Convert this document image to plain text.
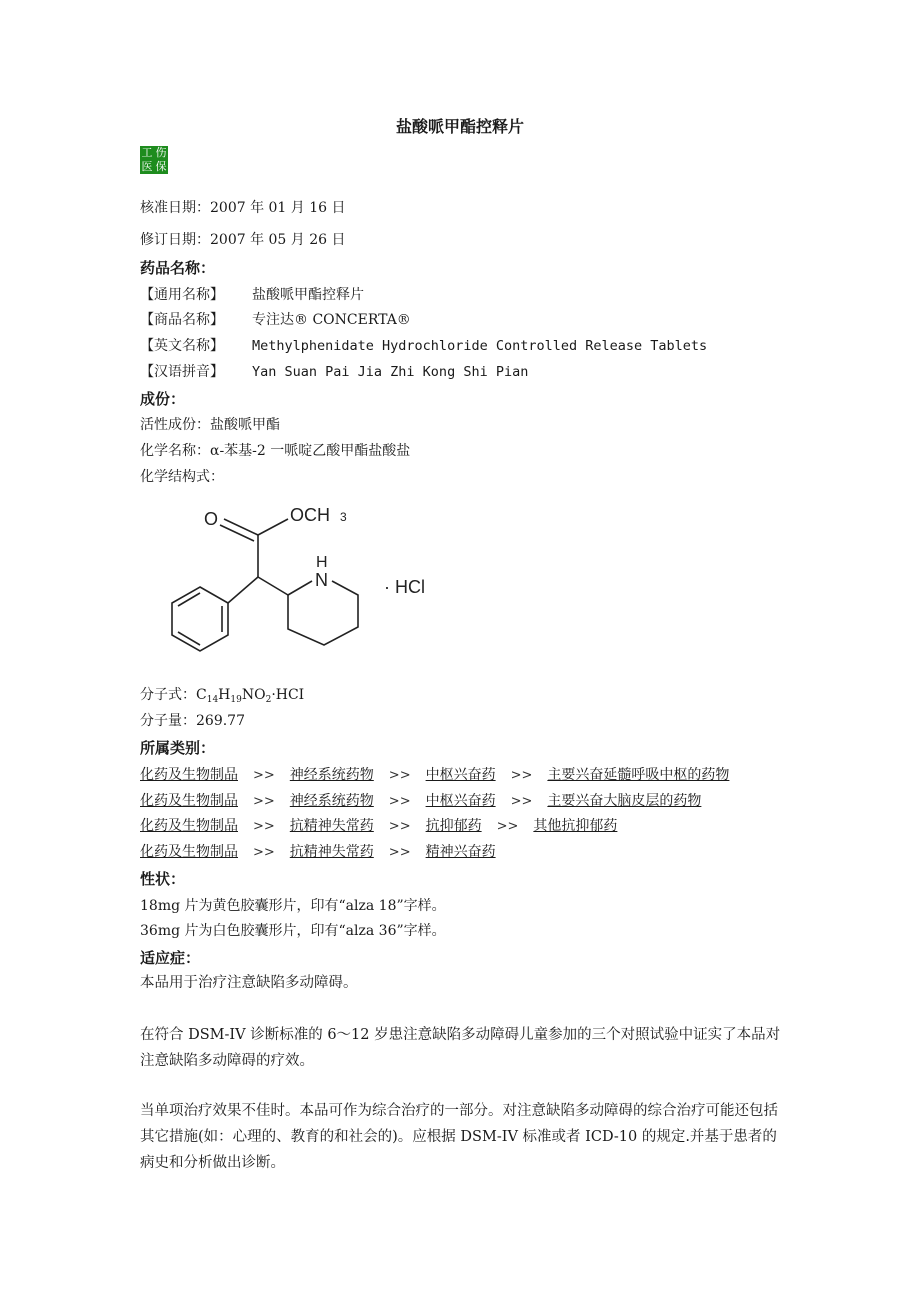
盐酸哌甲酯控释片
工 伤
医 保
核准日期：2007 年 01 月 16 日
修订日期：2007 年 05 月 26 日
药品名称：
【通用名称】 盐酸哌甲酯控释片
【商品名称】 专注达® CONCERTA®
【英文名称】 Methylphenidate Hydrochloride Controlled Release Tablets
【汉语拼音】 Yan Suan Pai Jia Zhi Kong Shi Pian
成份：
活性成份：盐酸哌甲酯
化学名称：α-苯基-2 一哌啶乙酸甲酯盐酸盐
化学结构式：
O	OCH 3
H
N	· HCl
分子式：$C_{14}H_{19}NO_2\cdot HCI$
分子量：269.77
所属类别：
化药及生物制品 >> 神经系统药物 >> 中枢兴奋药 >> 主要兴奋延髓呼吸中枢的药物
化药及生物制品 >> 神经系统药物 >> 中枢兴奋药 >> 主要兴奋大脑皮层的药物
化药及生物制品 >> 抗精神失常药 >> 抗抑郁药 >> 其他抗抑郁药
化药及生物制品 >> 抗精神失常药 >> 精神兴奋药
性状：
18mg 片为黄色胶囊形片，印有“alza 18”字样。
36mg 片为白色胶囊形片，印有“alza 36”字样。
适应症：
本品用于治疗注意缺陷多动障碍。
在符合 DSM-IV 诊断标准的 6～12 岁患注意缺陷多动障碍儿童参加的三个对照试验中证实了本品对注意缺陷多动障碍的疗效。
当单项治疗效果不佳时。本品可作为综合治疗的一部分。对注意缺陷多动障碍的综合治疗可能还包括其它措施(如：心理的、教育的和社会的)。应根据 DSM-IV 标准或者 ICD-10 的规定.并基于患者的病史和分析做出诊断。
